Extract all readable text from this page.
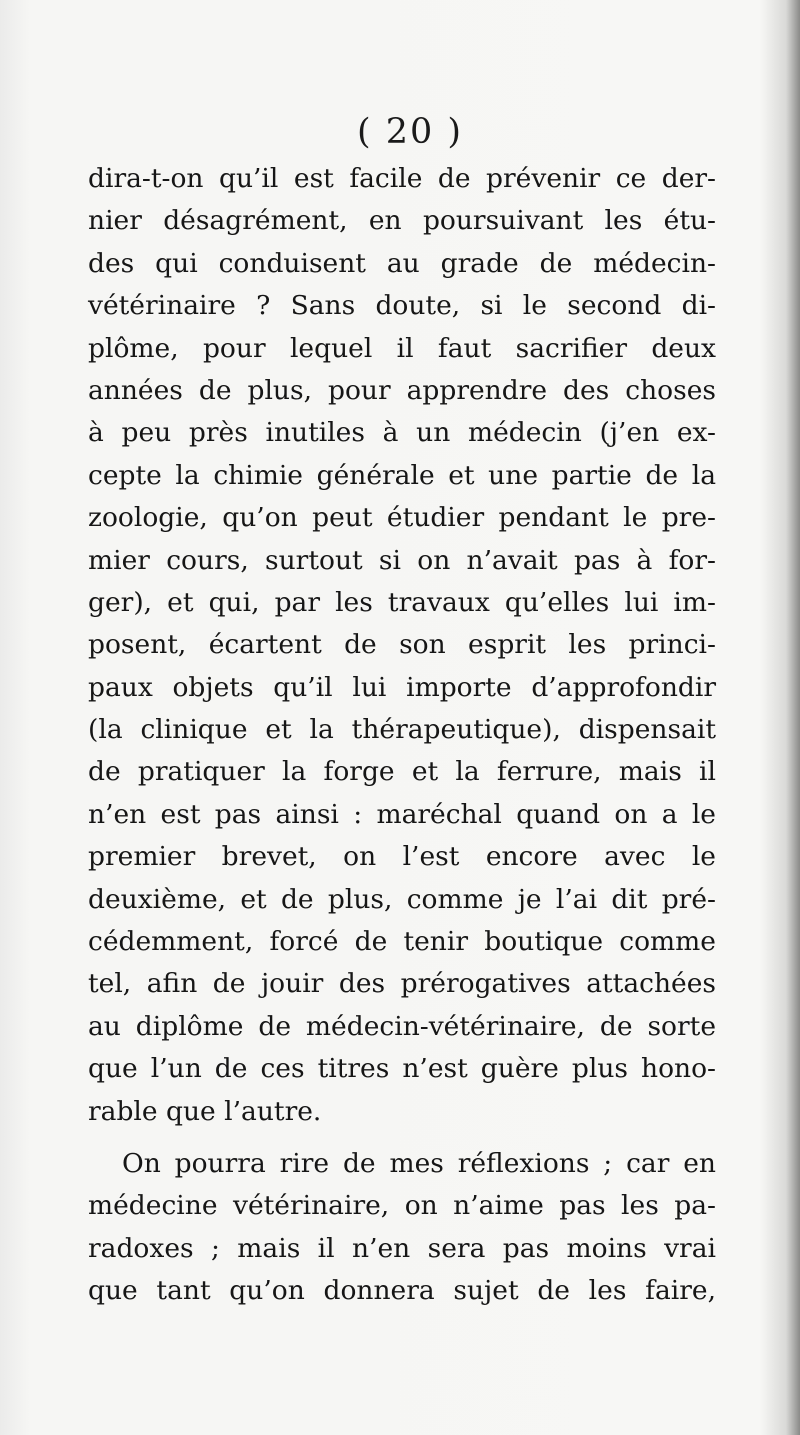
( 20 )
dira-t-on qu’il est facile de prévenir ce der-
nier désagrément, en poursuivant les étu-
des qui conduisent au grade de médecin-
vétérinaire ? Sans doute, si le second di-
plôme, pour lequel il faut sacrifier deux
années de plus, pour apprendre des choses
à peu près inutiles à un médecin (j’en ex-
cepte la chimie générale et une partie de la
zoologie, qu’on peut étudier pendant le pre-
mier cours, surtout si on n’avait pas à for-
ger), et qui, par les travaux qu’elles lui im-
posent, écartent de son esprit les princi-
paux objets qu’il lui importe d’approfondir
(la clinique et la thérapeutique), dispensait
de pratiquer la forge et la ferrure, mais il
n’en est pas ainsi : maréchal quand on a le
premier brevet, on l’est encore avec le
deuxième, et de plus, comme je l’ai dit pré-
cédemment, forcé de tenir boutique comme
tel, afin de jouir des prérogatives attachées
au diplôme de médecin-vétérinaire, de sorte
que l’un de ces titres n’est guère plus hono-
rable que l’autre.
On pourra rire de mes réflexions ; car en
médecine vétérinaire, on n’aime pas les pa-
radoxes ; mais il n’en sera pas moins vrai
que tant qu’on donnera sujet de les faire,
